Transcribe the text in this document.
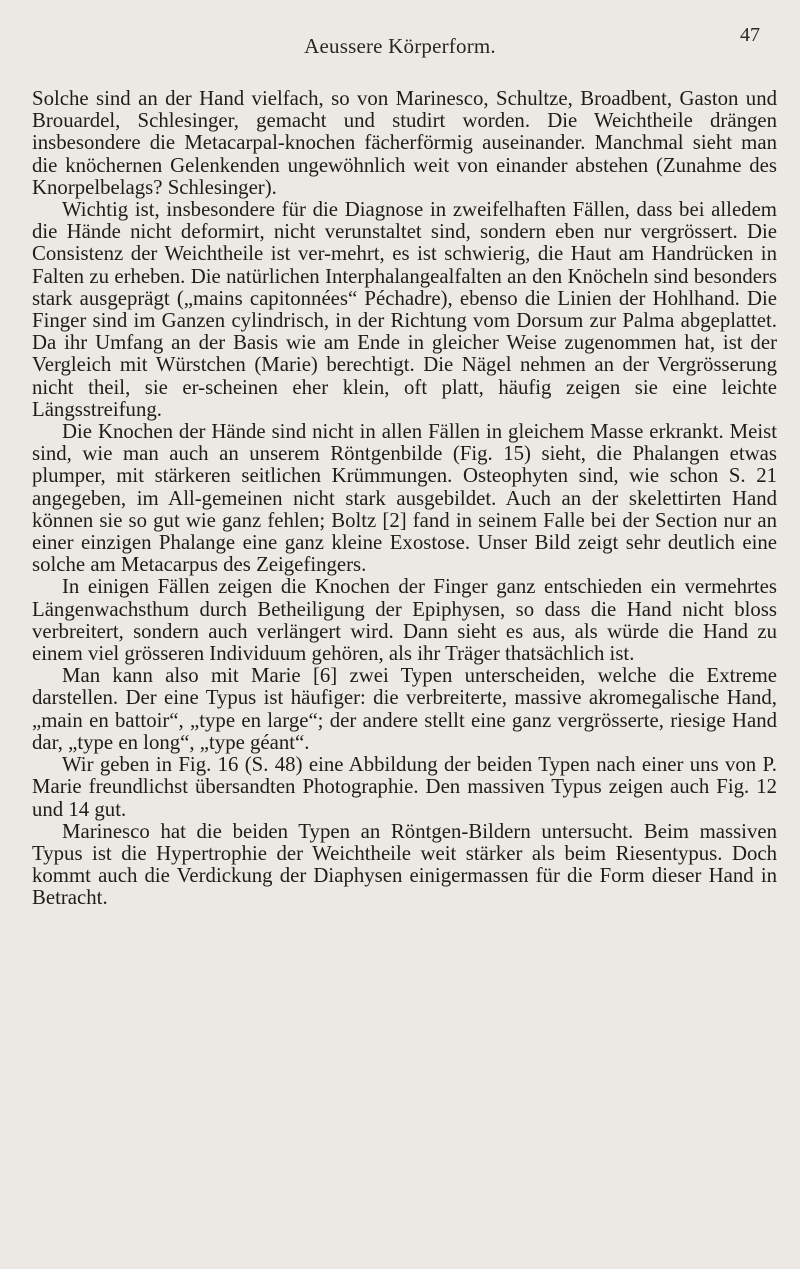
Aeussere Körperform.	47

Solche sind an der Hand vielfach, so von Marinesco, Schultze, Broadbent, Gaston und Brouardel, Schlesinger, gemacht und studirt worden. Die Weichtheile drängen insbesondere die Metacarpal-knochen fächerförmig auseinander. Manchmal sieht man die knöchernen Gelenkenden ungewöhnlich weit von einander abstehen (Zunahme des Knorpelbelags? Schlesinger).

Wichtig ist, insbesondere für die Diagnose in zweifelhaften Fällen, dass bei alledem die Hände nicht deformirt, nicht verunstaltet sind, sondern eben nur vergrössert. Die Consistenz der Weichtheile ist ver-mehrt, es ist schwierig, die Haut am Handrücken in Falten zu erheben. Die natürlichen Interphalangealfalten an den Knöcheln sind besonders stark ausgeprägt („mains capitonnées“ Péchadre), ebenso die Linien der Hohlhand. Die Finger sind im Ganzen cylindrisch, in der Richtung vom Dorsum zur Palma abgeplattet. Da ihr Umfang an der Basis wie am Ende in gleicher Weise zugenommen hat, ist der Vergleich mit Würstchen (Marie) berechtigt. Die Nägel nehmen an der Vergrösserung nicht theil, sie er-scheinen eher klein, oft platt, häufig zeigen sie eine leichte Längsstreifung.

Die Knochen der Hände sind nicht in allen Fällen in gleichem Masse erkrankt. Meist sind, wie man auch an unserem Röntgenbilde (Fig. 15) sieht, die Phalangen etwas plumper, mit stärkeren seitlichen Krümmungen. Osteophyten sind, wie schon S. 21 angegeben, im All-gemeinen nicht stark ausgebildet. Auch an der skelettirten Hand können sie so gut wie ganz fehlen; Boltz [2] fand in seinem Falle bei der Section nur an einer einzigen Phalange eine ganz kleine Exostose. Unser Bild zeigt sehr deutlich eine solche am Metacarpus des Zeigefingers.

In einigen Fällen zeigen die Knochen der Finger ganz entschieden ein vermehrtes Längenwachsthum durch Betheiligung der Epiphysen, so dass die Hand nicht bloss verbreitert, sondern auch verlängert wird. Dann sieht es aus, als würde die Hand zu einem viel grösseren Individuum gehören, als ihr Träger thatsächlich ist.

Man kann also mit Marie [6] zwei Typen unterscheiden, welche die Extreme darstellen. Der eine Typus ist häufiger: die verbreiterte, massive akromegalische Hand, „main en battoir“, „type en large“; der andere stellt eine ganz vergrösserte, riesige Hand dar, „type en long“, „type géant“.

Wir geben in Fig. 16 (S. 48) eine Abbildung der beiden Typen nach einer uns von P. Marie freundlichst übersandten Photographie. Den massiven Typus zeigen auch Fig. 12 und 14 gut.

Marinesco hat die beiden Typen an Röntgen-Bildern untersucht. Beim massiven Typus ist die Hypertrophie der Weichtheile weit stärker als beim Riesentypus. Doch kommt auch die Verdickung der Diaphysen einigermassen für die Form dieser Hand in Betracht.
